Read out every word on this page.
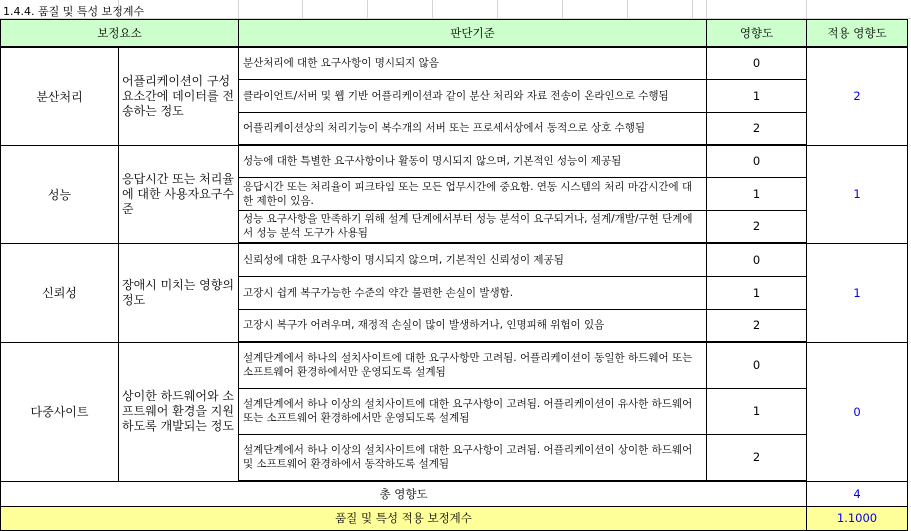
1.4.4. 품질 및 특성 보정계수
보정요소		판단기준	영향도	적용 영향도
분산처리	어플리케이션이 구성요소간에 데이터를 전송하는 정도	분산처리에 대한 요구사항이 명시되지 않음	0	2
		클라이언트/서버 및 웹 기반 어플리케이션과 같이 분산 처리와 자료 전송이 온라인으로 수행됨	1	
		어플리케이션상의 처리기능이 복수개의 서버 또는 프로세서상에서 동적으로 상호 수행됨	2	
성능	응답시간 또는 처리율에 대한 사용자요구수준	성능에 대한 특별한 요구사항이나 활동이 명시되지 않으며, 기본적인 성능이 제공됨	0	1
		응답시간 또는 처리율이 피크타임 또는 모든 업무시간에 중요함. 연동 시스템의 처리 마감시간에 대한 제한이 있음.	1	
		성능 요구사항을 만족하기 위해 설계 단계에서부터 성능 분석이 요구되거나, 설계/개발/구현 단계에서 성능 분석 도구가 사용됨	2	
신뢰성	장애시 미치는 영향의 정도	신뢰성에 대한 요구사항이 명시되지 않으며, 기본적인 신뢰성이 제공됨	0	1
		고장시 쉽게 복구가능한 수준의 약간 불편한 손실이 발생함.	1	
		고장시 복구가 어려우며, 재정적 손실이 많이 발생하거나, 인명피해 위험이 있음	2	
다중사이트	상이한 하드웨어와 소프트웨어 환경을 지원하도록 개발되는 정도	설계단계에서 하나의 설치사이트에 대한 요구사항만 고려됨. 어플리케이션이 동일한 하드웨어 또는 소프트웨어 환경하에서만 운영되도록 설계됨	0	0
		설계단계에서 하나 이상의 설치사이트에 대한 요구사항이 고려됨. 어플리케이션이 유사한 하드웨어 또는 소프트웨어 환경하에서만 운영되도록 설계됨	1	
		설계단계에서 하나 이상의 설치사이트에 대한 요구사항이 고려됨. 어플리케이션이 상이한 하드웨어 및 소프트웨어 환경하에서 동작하도록 설계됨	2	
총 영향도				4
품질 및 특성 적용 보정계수				1.1000
